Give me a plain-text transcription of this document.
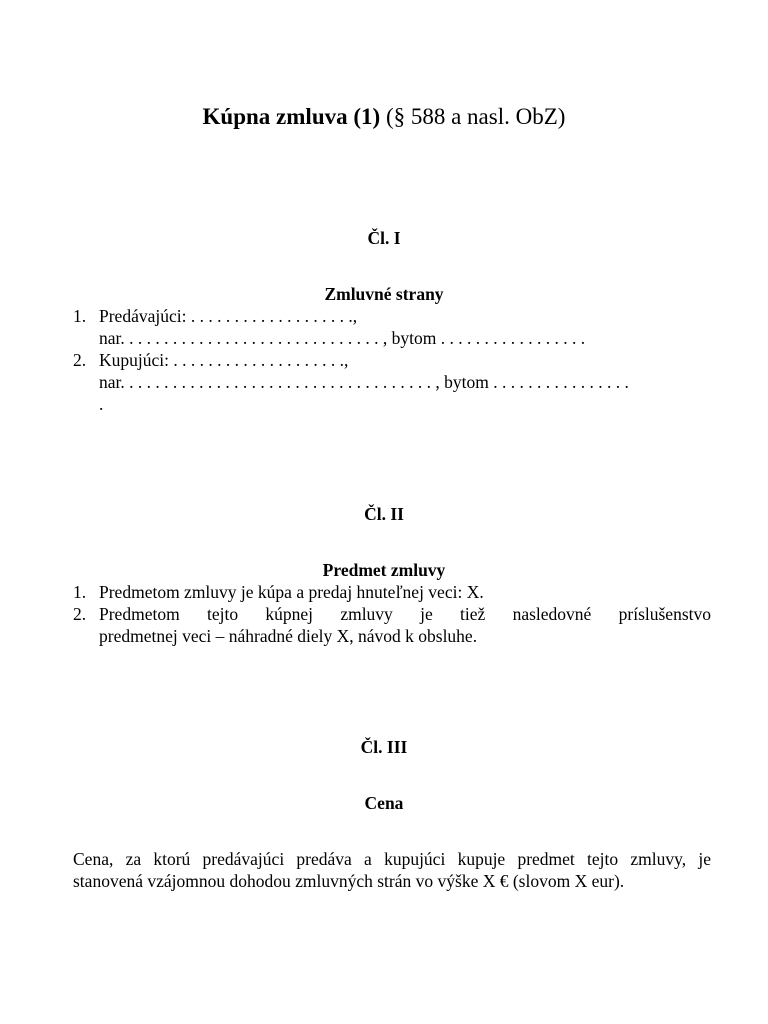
Kúpna zmluva (1) (§ 588 a nasl. ObZ)
Čl. I
Zmluvné strany
1. Predávajúci: . . . . . . . . . . . . . . . . . . .,
nar. . . . . . . . . . . . . . . . . . . . . . . . . . . . . . , bytom . . . . . . . . . . . . . . . . .
2. Kupujúci: . . . . . . . . . . . . . . . . . . . .,
nar. . . . . . . . . . . . . . . . . . . . . . . . . . . . . . . . . . . . , bytom . . . . . . . . . . . . . . . .
.
Čl. II
Predmet zmluvy
1. Predmetom zmluvy je kúpa a predaj hnuteľnej veci: X.
2. Predmetom tejto kúpnej zmluvy je tiež nasledovné príslušenstvo
predmetnej veci – náhradné diely X, návod k obsluhe.
Čl. III
Cena
Cena, za ktorú predávajúci predáva a kupujúci kupuje predmet tejto zmluvy, je
stanovená vzájomnou dohodou zmluvných strán vo výške X € (slovom X eur).
